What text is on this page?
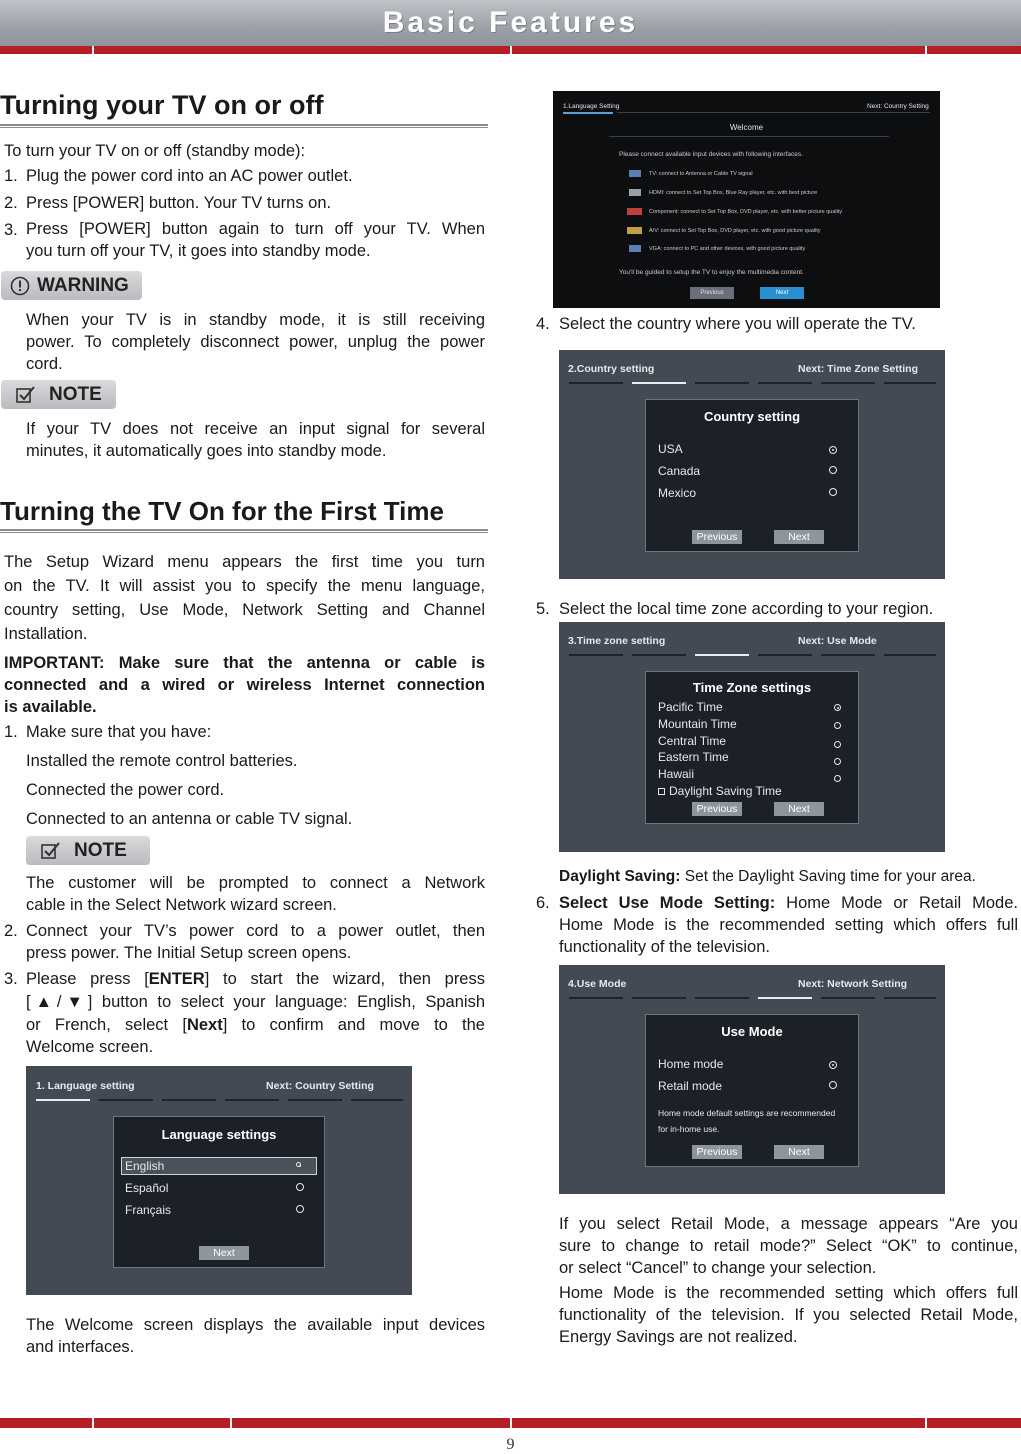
Basic Features
Turning your TV on or off
To turn your TV on or off (standby mode):
1. Plug the power cord into an AC power outlet.
2. Press [POWER] button. Your TV turns on.
3. Press [POWER] button again to turn off your TV. When
you turn off your TV, it goes into standby mode.
WARNING
When your TV is in standby mode, it is still receiving
power. To completely disconnect power, unplug the power
cord.
NOTE
If your TV does not receive an input signal for several
minutes, it automatically goes into standby mode.
Turning the TV On for the First Time
The Setup Wizard menu appears the first time you turn
on the TV. It will assist you to specify the menu language,
country setting, Use Mode, Network Setting and Channel
Installation.
IMPORTANT: Make sure that the antenna or cable is
connected and a wired or wireless Internet connection
is available.
1. Make sure that you have:
Installed the remote control batteries.
Connected the power cord.
Connected to an antenna or cable TV signal.
NOTE
The customer will be prompted to connect a Network
cable in the Select Network wizard screen.
2. Connect your TV’s power cord to a power outlet, then
press power. The Initial Setup screen opens.
3. Please press [ENTER] to start the wizard, then press
[▲/▼] button to select your language: English, Spanish
or French, select [Next] to confirm and move to the
Welcome screen.
1. Language setting	Next: Country Setting
Language settings
English
Español
Français
Next
The Welcome screen displays the available input devices
and interfaces.
1.Language Setting	Next: Country Setting
Welcome
Please connect available input devices with following interfaces.
TV: connect to Antenna or Cable TV signal
HDMI: connect to Set Top Box, Blue Ray player, etc. with best picture
Component: connect to Set Top Box, DVD player, etc. with better picture quality
A/V: connect to Set Top Box, DVD player, etc. with good picture quality
VGA: connect to PC and other devices, with good picture quality
You'll be guided to setup the TV to enjoy the multimedia content.
Previous	Next
4. Select the country where you will operate the TV.
2.Country setting	Next: Time Zone Setting
Country setting
USA
Canada
Mexico
Previous	Next
5. Select the local time zone according to your region.
3.Time zone setting	Next: Use Mode
Time Zone settings
Pacific Time
Mountain Time
Central Time
Eastern Time
Hawaii
Daylight Saving Time
Previous	Next
Daylight Saving: Set the Daylight Saving time for your area.
6. Select Use Mode Setting: Home Mode or Retail Mode.
Home Mode is the recommended setting which offers full
functionality of the television.
4.Use Mode	Next: Network Setting
Use Mode
Home mode
Retail mode
Home mode default settings are recommended
for in-home use.
Previous	Next
If you select Retail Mode, a message appears “Are you
sure to change to retail mode?” Select “OK” to continue,
or select “Cancel” to change your selection.
Home Mode is the recommended setting which offers full
functionality of the television. If you selected Retail Mode,
Energy Savings are not realized.
9
